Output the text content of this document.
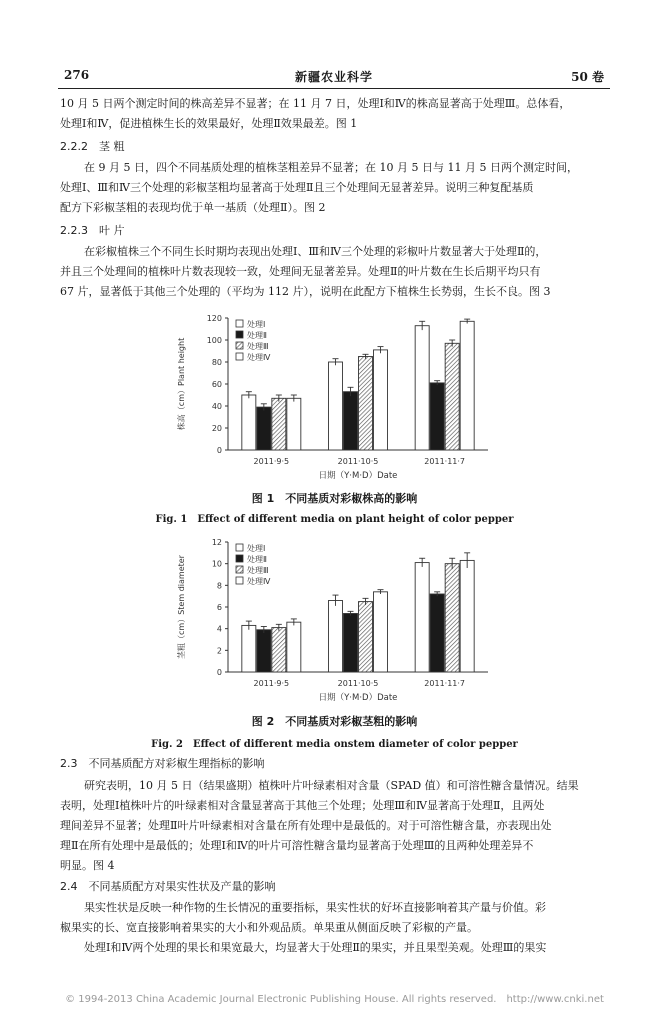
276	新疆农业科学	50 卷
10 月 5 日两个测定时间的株高差异不显著；在 11 月 7 日，处理Ⅰ和Ⅳ的株高显著高于处理Ⅲ。总体看，
处理Ⅰ和Ⅳ，促进植株生长的效果最好，处理Ⅱ效果最差。图 1
2.2.2　茎 粗
在 9 月 5 日，四个不同基质处理的植株茎粗差异不显著；在 10 月 5 日与 11 月 5 日两个测定时间，
处理Ⅰ、Ⅲ和Ⅳ三个处理的彩椒茎粗均显著高于处理Ⅱ且三个处理间无显著差异。说明三种复配基质
配方下彩椒茎粗的表现均优于单一基质（处理Ⅱ）。图 2
2.2.3　叶 片
在彩椒植株三个不同生长时期均表现出处理Ⅰ、Ⅲ和Ⅳ三个处理的彩椒叶片数显著大于处理Ⅱ的，
并且三个处理间的植株叶片数表现较一致，处理间无显著差异。处理Ⅱ的叶片数在生长后期平均只有
67 片，显著低于其他三个处理的（平均为 112 片），说明在此配方下植株生长势弱，生长不良。图 3
0
20
40
60
80
100
120
株高（cm）Plant height
2011·9·5	2011·10·5	2011·11·7
日期（Y·M·D）Date
处理Ⅰ
处理Ⅱ
处理Ⅲ
处理Ⅳ
图 1　不同基质对彩椒株高的影响
Fig. 1　Effect of different media on plant height of color pepper
0
2
4
6
8
10
12
茎粗（cm）Stem diameter
2011·9·5	2011·10·5	2011·11·7
日期（Y·M·D）Date
处理Ⅰ
处理Ⅱ
处理Ⅲ
处理Ⅳ
图 2　不同基质对彩椒茎粗的影响
Fig. 2　Effect of different media onstem diameter of color pepper
2.3　不同基质配方对彩椒生理指标的影响
研究表明，10 月 5 日（结果盛期）植株叶片叶绿素相对含量（SPAD 值）和可溶性糖含量情况。结果
表明，处理Ⅰ植株叶片的叶绿素相对含量显著高于其他三个处理；处理Ⅲ和Ⅳ显著高于处理Ⅱ，且两处
理间差异不显著；处理Ⅱ叶片叶绿素相对含量在所有处理中是最低的。对于可溶性糖含量，亦表现出处
理Ⅱ在所有处理中是最低的；处理Ⅰ和Ⅳ的叶片可溶性糖含量均显著高于处理Ⅲ的且两种处理差异不
明显。图 4
2.4　不同基质配方对果实性状及产量的影响
果实性状是反映一种作物的生长情况的重要指标，果实性状的好坏直接影响着其产量与价值。彩
椒果实的长、宽直接影响着果实的大小和外观品质。单果重从侧面反映了彩椒的产量。
处理Ⅰ和Ⅳ两个处理的果长和果宽最大，均显著大于处理Ⅱ的果实，并且果型美观。处理Ⅲ的果实
© 1994-2013 China Academic Journal Electronic Publishing House. All rights reserved.　http://www.cnki.net
